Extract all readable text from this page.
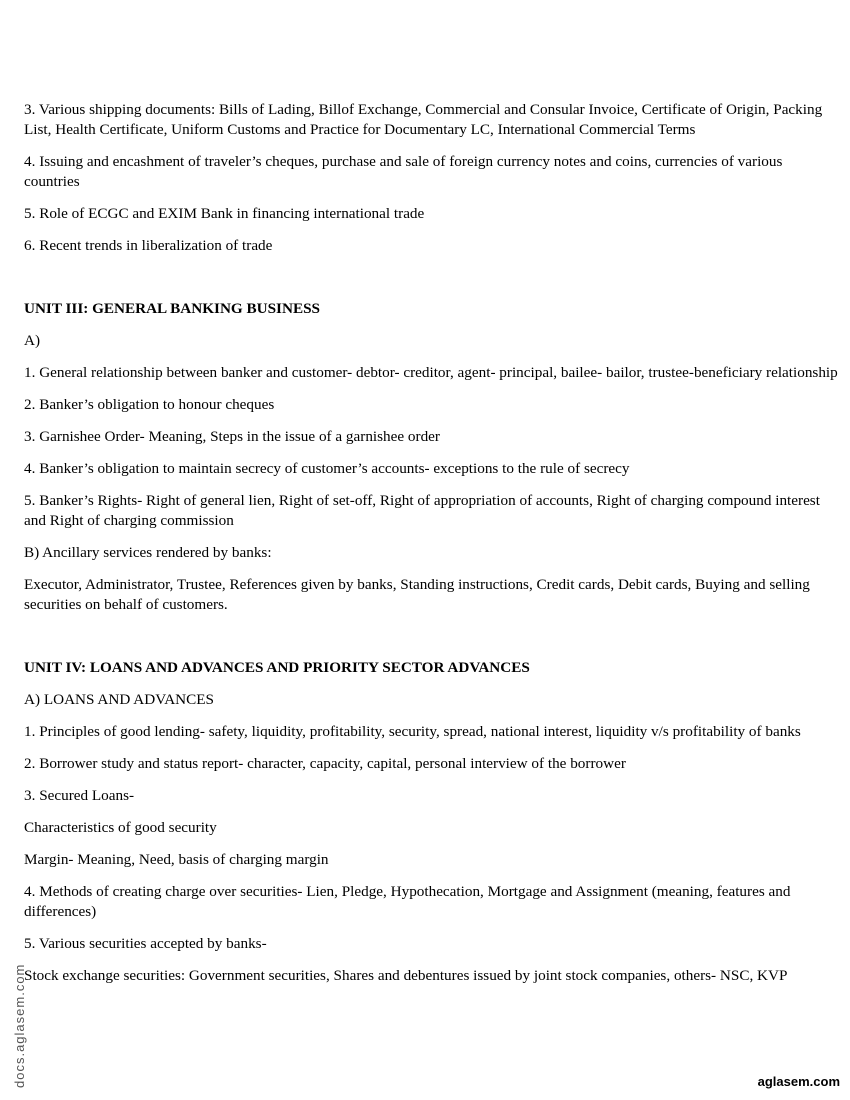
3. Various shipping documents: Bills of Lading, Billof Exchange, Commercial and Consular Invoice, Certificate of Origin, Packing List, Health Certificate, Uniform Customs and Practice for Documentary LC, International Commercial Terms

4. Issuing and encashment of traveler’s cheques, purchase and sale of foreign currency notes and coins, currencies of various countries

5. Role of ECGC and EXIM Bank in financing international trade

6. Recent trends in liberalization of trade

UNIT III: GENERAL BANKING BUSINESS

A)

1. General relationship between banker and customer- debtor- creditor, agent- principal, bailee- bailor, trustee-beneficiary relationship

2. Banker’s obligation to honour cheques

3. Garnishee Order- Meaning, Steps in the issue of a garnishee order

4. Banker’s obligation to maintain secrecy of customer’s accounts- exceptions to the rule of secrecy

5. Banker’s Rights- Right of general lien, Right of set-off, Right of appropriation of accounts, Right of charging compound interest and Right of charging commission

B) Ancillary services rendered by banks:

Executor, Administrator, Trustee, References given by banks, Standing instructions, Credit cards, Debit cards, Buying and selling securities on behalf of customers.

UNIT IV: LOANS AND ADVANCES AND PRIORITY SECTOR ADVANCES

A) LOANS AND ADVANCES

1. Principles of good lending- safety, liquidity, profitability, security, spread, national interest, liquidity v/s profitability of banks

2. Borrower study and status report- character, capacity, capital, personal interview of the borrower

3. Secured Loans-

Characteristics of good security

Margin- Meaning, Need, basis of charging margin

4. Methods of creating charge over securities- Lien, Pledge, Hypothecation, Mortgage and Assignment (meaning, features and differences)

5. Various securities accepted by banks-

Stock exchange securities: Government securities, Shares and debentures issued by joint stock companies, others- NSC, KVP

docs.aglasem.com	aglasem.com
